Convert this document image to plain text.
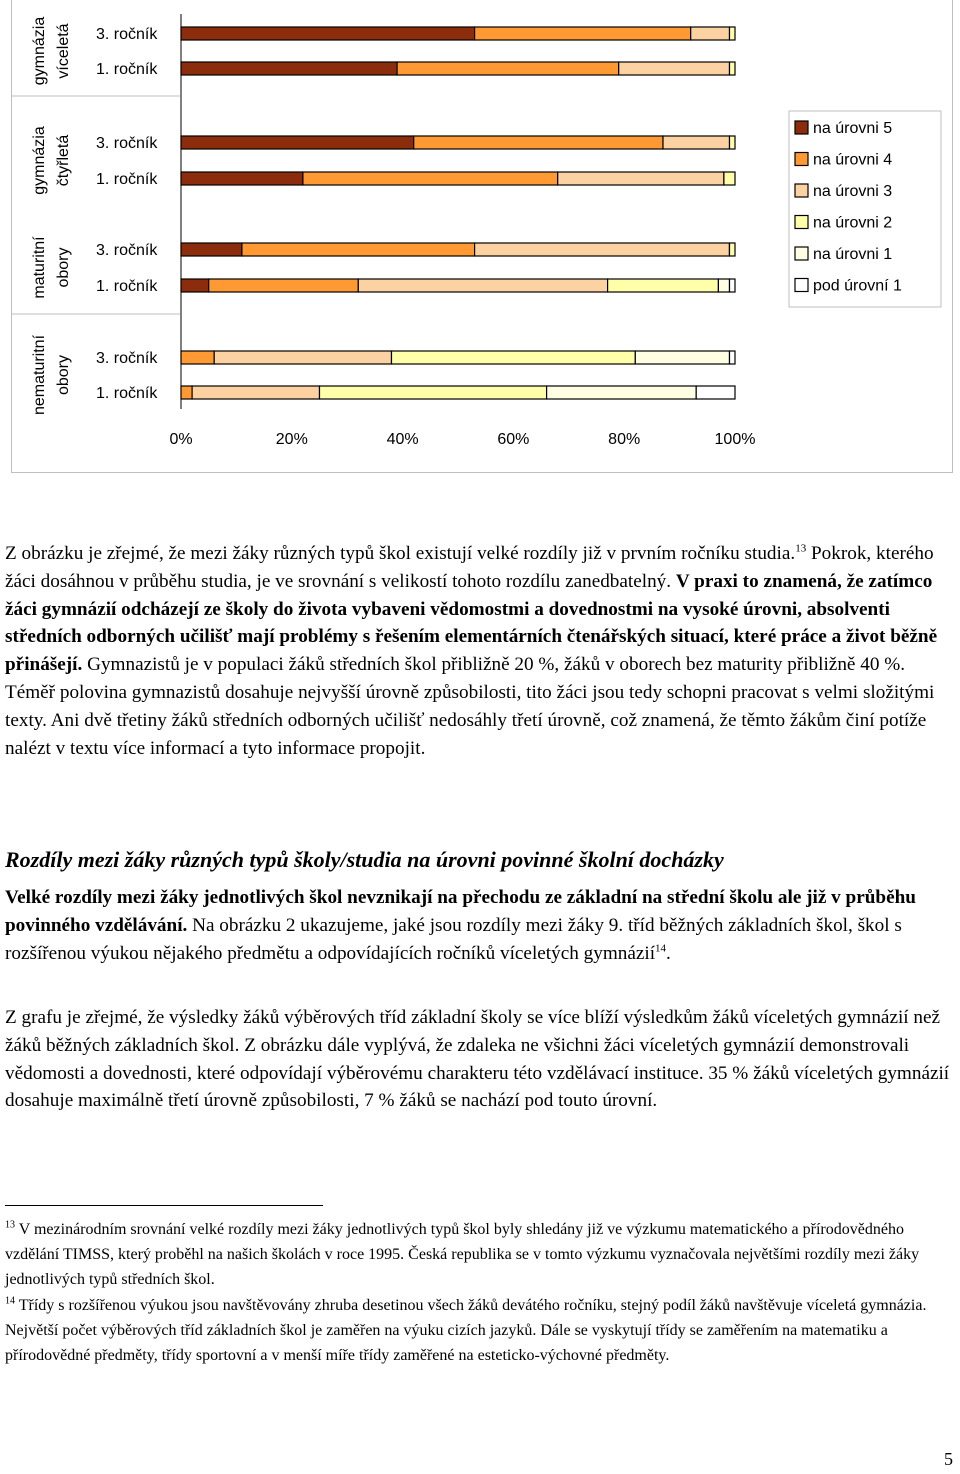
3. ročník
1. ročník
gymnázia víceletá
3. ročník
1. ročník
gymnázia čtyřletá
3. ročník
1. ročník
maturitní obory
3. ročník
1. ročník
nematuritní obory
0%	20%	40%	60%	80%	100%
na úrovni 5
na úrovni 4
na úrovni 3
na úrovni 2
na úrovni 1
pod úrovní 1

Z obrázku je zřejmé, že mezi žáky různých typů škol existují velké rozdíly již v prvním ročníku studia.$^{13}$ Pokrok, kterého žáci dosáhnou v průběhu studia, je ve srovnání s velikostí tohoto rozdílu zanedbatelný. V praxi to znamená, že zatímco žáci gymnázií odcházejí ze školy do života vybaveni vědomostmi a dovednostmi na vysoké úrovni, absolventi středních odborných učilišť mají problémy s řešením elementárních čtenářských situací, které práce a život běžně přinášejí. Gymnazistů je v populaci žáků středních škol přibližně 20 %, žáků v oborech bez maturity přibližně 40 %. Téměř polovina gymnazistů dosahuje nejvyšší úrovně způsobilosti, tito žáci jsou tedy schopni pracovat s velmi složitými texty. Ani dvě třetiny žáků středních odborných učilišť nedosáhly třetí úrovně, což znamená, že těmto žákům činí potíže nalézt v textu více informací a tyto informace propojit.

Rozdíly mezi žáky různých typů školy/studia na úrovni povinné školní docházky

Velké rozdíly mezi žáky jednotlivých škol nevznikají na přechodu ze základní na střední školu ale již v průběhu povinného vzdělávání. Na obrázku 2 ukazujeme, jaké jsou rozdíly mezi žáky 9. tříd běžných základních škol, škol s rozšířenou výukou nějakého předmětu a odpovídajících ročníků víceletých gymnázií$^{14}$.

Z grafu je zřejmé, že výsledky žáků výběrových tříd základní školy se více blíží výsledkům žáků víceletých gymnázií než žáků běžných základních škol. Z obrázku dále vyplývá, že zdaleka ne všichni žáci víceletých gymnázií demonstrovali vědomosti a dovednosti, které odpovídají výběrovému charakteru této vzdělávací instituce. 35 % žáků víceletých gymnázií dosahuje maximálně třetí úrovně způsobilosti, 7 % žáků se nachází pod touto úrovní.

$^{13}$ V mezinárodním srovnání velké rozdíly mezi žáky jednotlivých typů škol byly shledány již ve výzkumu matematického a přírodovědného vzdělání TIMSS, který proběhl na našich školách v roce 1995. Česká republika se v tomto výzkumu vyznačovala největšími rozdíly mezi žáky jednotlivých typů středních škol.

$^{14}$ Třídy s rozšířenou výukou jsou navštěvovány zhruba desetinou všech žáků devátého ročníku, stejný podíl žáků navštěvuje víceletá gymnázia. Největší počet výběrových tříd základních škol je zaměřen na výuku cizích jazyků. Dále se vyskytují třídy se zaměřením na matematiku a přírodovědné předměty, třídy sportovní a v menší míře třídy zaměřené na esteticko-výchovné předměty.

5
